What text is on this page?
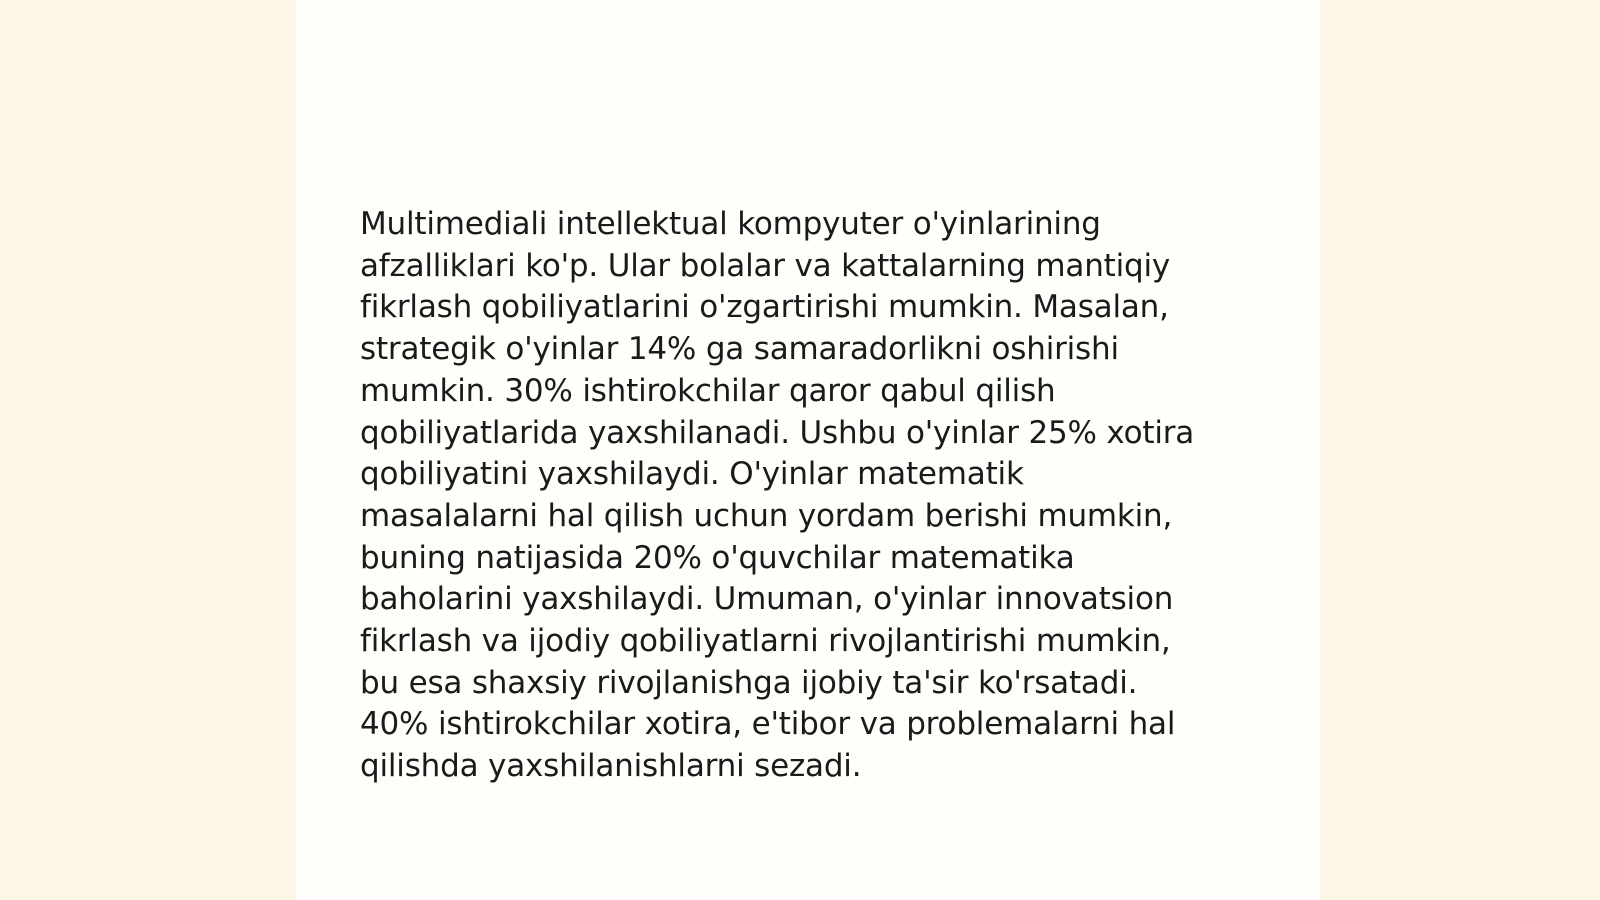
Multimediali intellektual kompyuter o'yinlarining
afzalliklari ko'p. Ular bolalar va kattalarning mantiqiy
fikrlash qobiliyatlarini o'zgartirishi mumkin. Masalan,
strategik o'yinlar 14% ga samaradorlikni oshirishi
mumkin. 30% ishtirokchilar qaror qabul qilish
qobiliyatlarida yaxshilanadi. Ushbu o'yinlar 25% xotira
qobiliyatini yaxshilaydi. O'yinlar matematik
masalalarni hal qilish uchun yordam berishi mumkin,
buning natijasida 20% o'quvchilar matematika
baholarini yaxshilaydi. Umuman, o'yinlar innovatsion
fikrlash va ijodiy qobiliyatlarni rivojlantirishi mumkin,
bu esa shaxsiy rivojlanishga ijobiy ta'sir ko'rsatadi.
40% ishtirokchilar xotira, e'tibor va problemalarni hal
qilishda yaxshilanishlarni sezadi.
